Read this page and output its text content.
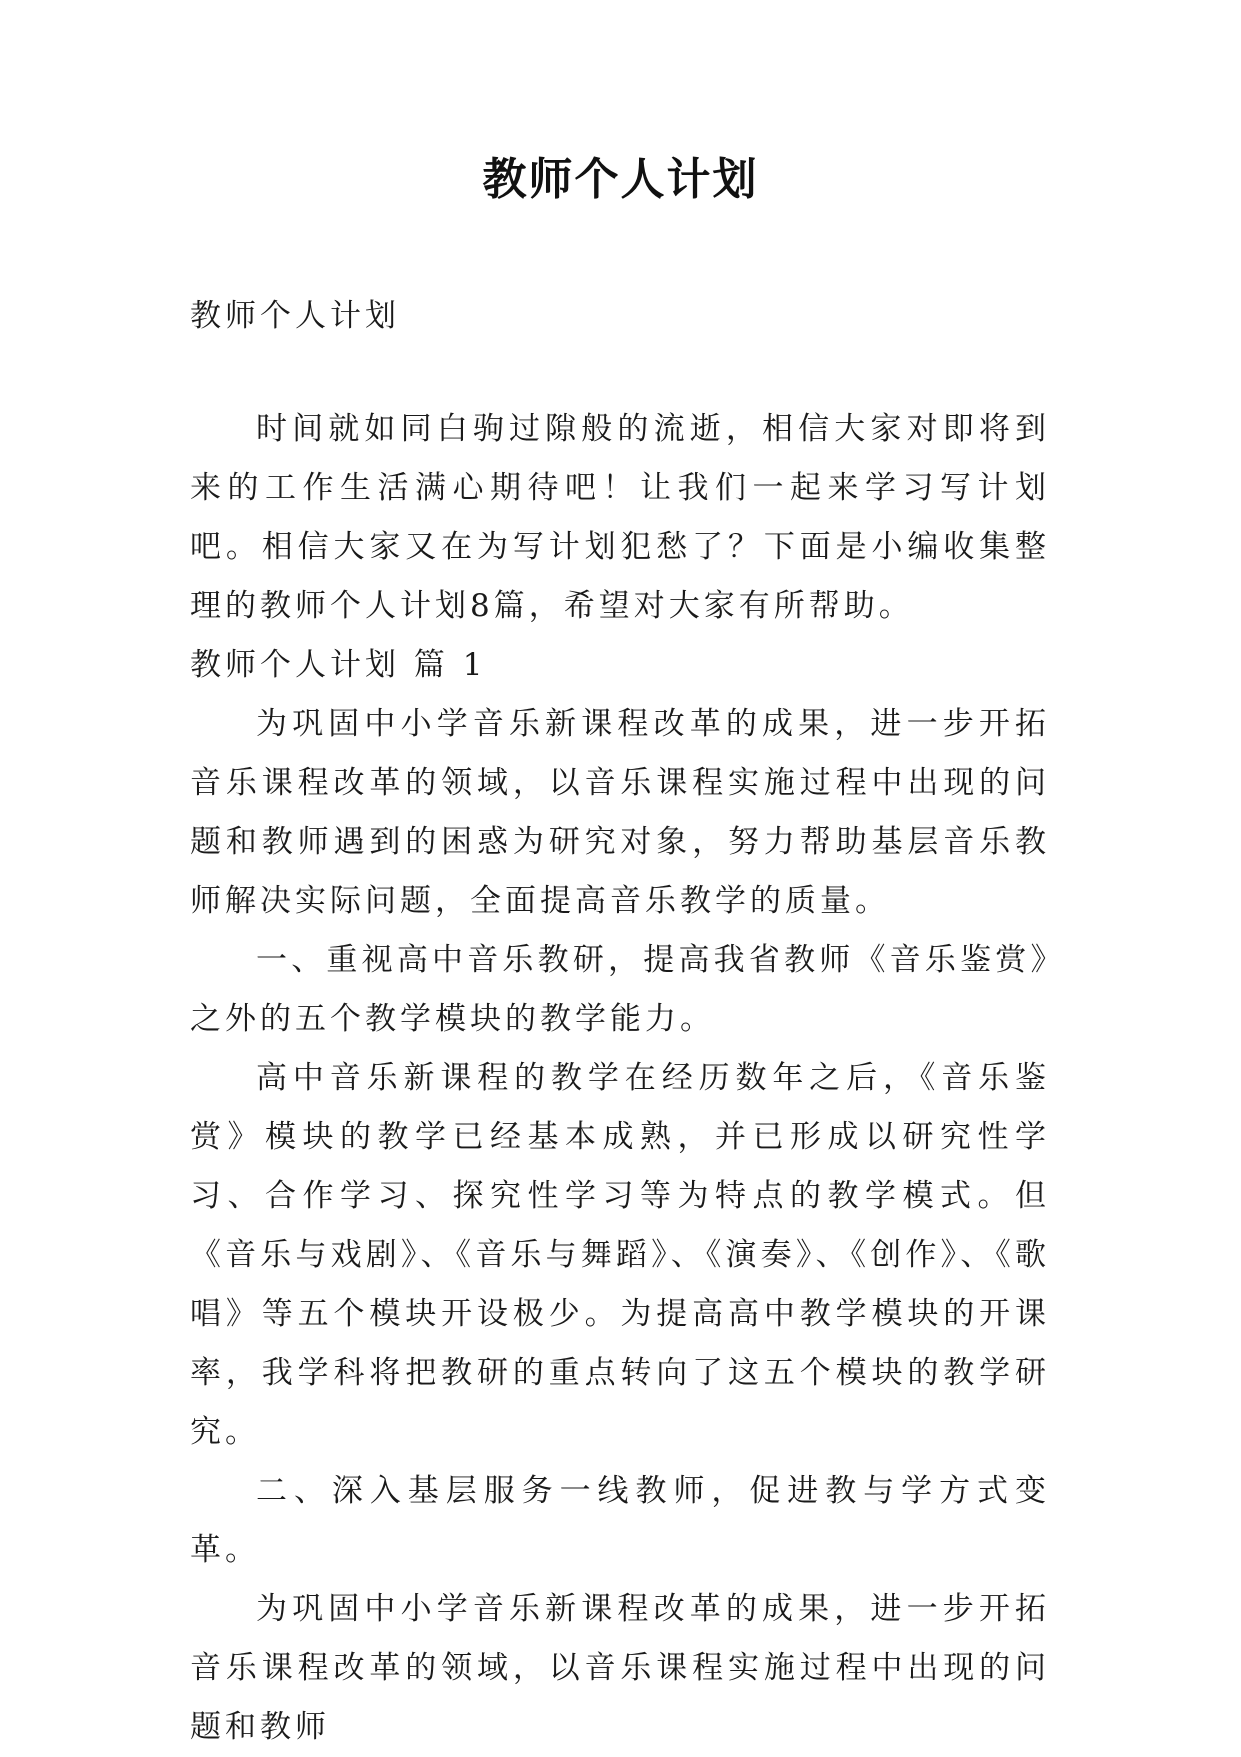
教师个人计划

教师个人计划

时间就如同白驹过隙般的流逝，相信大家对即将到来的工作生活满心期待吧！让我们一起来学习写计划吧。相信大家又在为写计划犯愁了？下面是小编收集整理的教师个人计划8篇，希望对大家有所帮助。

教师个人计划 篇 1

为巩固中小学音乐新课程改革的成果，进一步开拓音乐课程改革的领域，以音乐课程实施过程中出现的问题和教师遇到的困惑为研究对象，努力帮助基层音乐教师解决实际问题，全面提高音乐教学的质量。

一、重视高中音乐教研，提高我省教师《音乐鉴赏》之外的五个教学模块的教学能力。

高中音乐新课程的教学在经历数年之后，《音乐鉴赏》模块的教学已经基本成熟，并已形成以研究性学习、合作学习、探究性学习等为特点的教学模式。但《音乐与戏剧》、《音乐与舞蹈》、《演奏》、《创作》、《歌唱》等五个模块开设极少。为提高高中教学模块的开课率，我学科将把教研的重点转向了这五个模块的教学研究。

二、深入基层服务一线教师，促进教与学方式变革。

为巩固中小学音乐新课程改革的成果，进一步开拓音乐课程改革的领域，以音乐课程实施过程中出现的问题和教师
